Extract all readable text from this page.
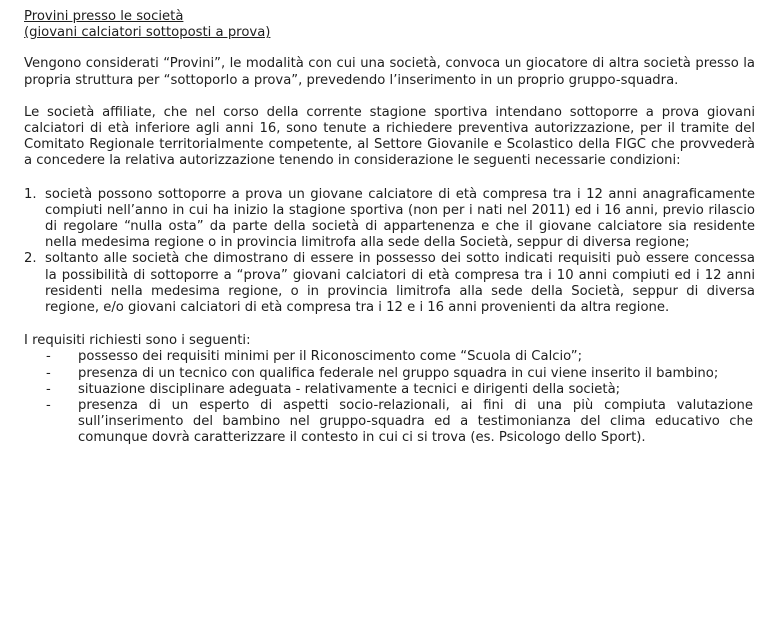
Provini presso le società
(giovani calciatori sottoposti a prova)

Vengono considerati “Provini”, le modalità con cui una società, convoca un giocatore di altra società presso la propria struttura per “sottoporlo a prova”, prevedendo l’inserimento in un proprio gruppo-squadra.

Le società affiliate, che nel corso della corrente stagione sportiva intendano sottoporre a prova giovani calciatori di età inferiore agli anni 16, sono tenute a richiedere preventiva autorizzazione, per il tramite del Comitato Regionale territorialmente competente, al Settore Giovanile e Scolastico della FIGC che provvederà a concedere la relativa autorizzazione tenendo in considerazione le seguenti necessarie condizioni:

1. società possono sottoporre a prova un giovane calciatore di età compresa tra i 12 anni anagraficamente compiuti nell’anno in cui ha inizio la stagione sportiva (non per i nati nel 2011) ed i 16 anni, previo rilascio di regolare “nulla osta” da parte della società di appartenenza e che il giovane calciatore sia residente nella medesima regione o in provincia limitrofa alla sede della Società, seppur di diversa regione;
2. soltanto alle società che dimostrano di essere in possesso dei sotto indicati requisiti può essere concessa la possibilità di sottoporre a “prova” giovani calciatori di età compresa tra i 10 anni compiuti ed i 12 anni residenti nella medesima regione, o in provincia limitrofa alla sede della Società, seppur di diversa regione, e/o giovani calciatori di età compresa tra i 12 e i 16 anni provenienti da altra regione.

I requisiti richiesti sono i seguenti:

-	possesso dei requisiti minimi per il Riconoscimento come “Scuola di Calcio”;
-	presenza di un tecnico con qualifica federale nel gruppo squadra in cui viene inserito il bambino;
-	situazione disciplinare adeguata - relativamente a tecnici e dirigenti della società;
-	presenza di un esperto di aspetti socio-relazionali, ai fini di una più compiuta valutazione sull’inserimento del bambino nel gruppo-squadra ed a testimonianza del clima educativo che comunque dovrà caratterizzare il contesto in cui ci si trova (es. Psicologo dello Sport).
